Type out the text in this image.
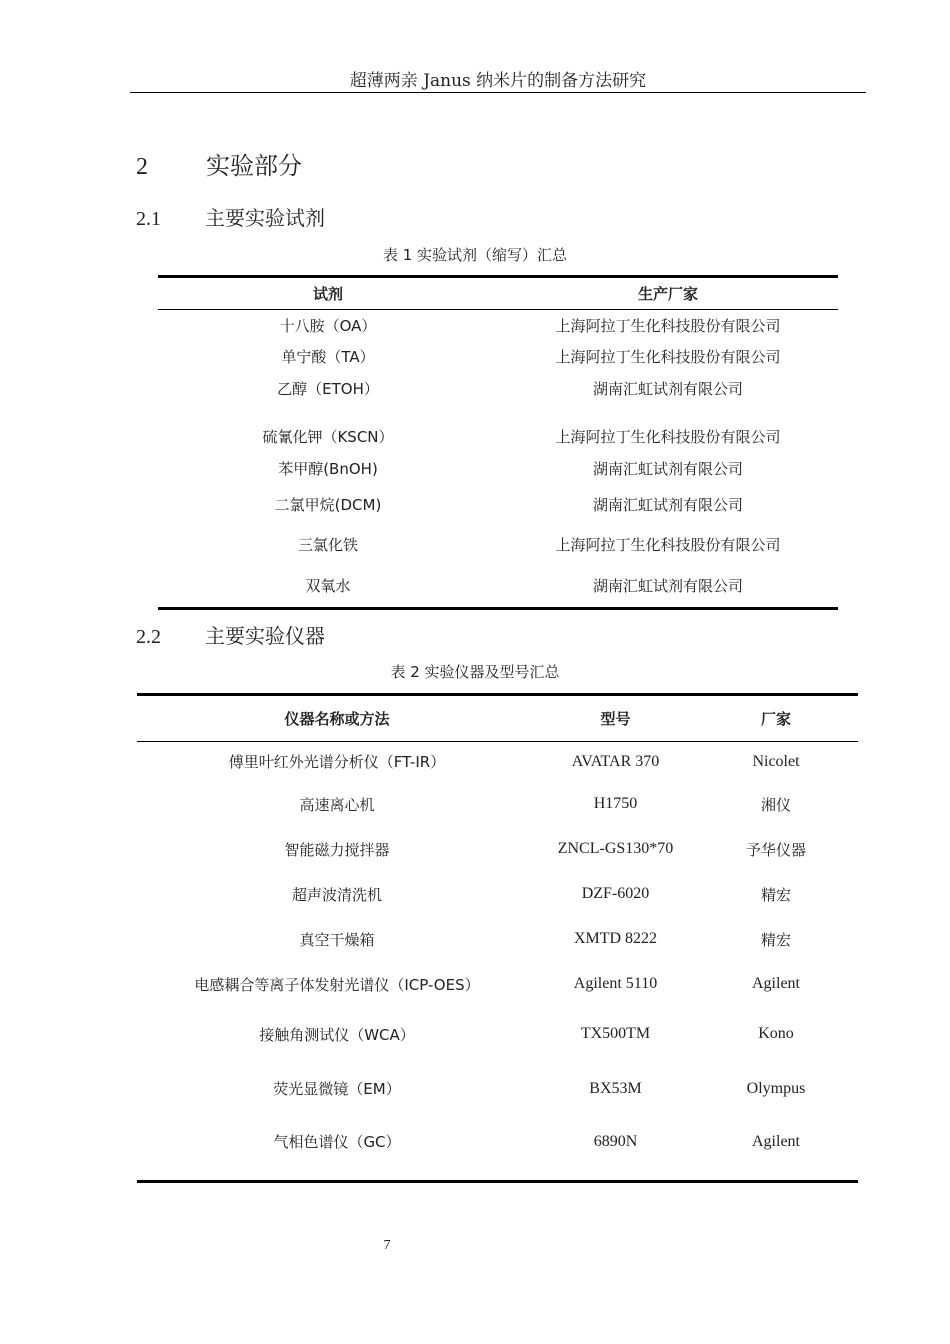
超薄两亲 Janus 纳米片的制备方法研究
2 实验部分
2.1 主要实验试剂
表 1 实验试剂（缩写）汇总
试剂	生产厂家
十八胺（OA）	上海阿拉丁生化科技股份有限公司
单宁酸（TA）	上海阿拉丁生化科技股份有限公司
乙醇（ETOH）	湖南汇虹试剂有限公司
硫氰化钾（KSCN）	上海阿拉丁生化科技股份有限公司
苯甲醇(BnOH)	湖南汇虹试剂有限公司
二氯甲烷(DCM)	湖南汇虹试剂有限公司
三氯化铁	上海阿拉丁生化科技股份有限公司
双氧水	湖南汇虹试剂有限公司
2.2 主要实验仪器
表 2 实验仪器及型号汇总
仪器名称或方法	型号	厂家
傅里叶红外光谱分析仪（FT-IR）	AVATAR 370	Nicolet
高速离心机	H1750	湘仪
智能磁力搅拌器	ZNCL-GS130*70	予华仪器
超声波清洗机	DZF-6020	精宏
真空干燥箱	XMTD 8222	精宏
电感耦合等离子体发射光谱仪（ICP-OES）	Agilent 5110	Agilent
接触角测试仪（WCA）	TX500TM	Kono
荧光显微镜（EM）	BX53M	Olympus
气相色谱仪（GC）	6890N	Agilent
7
